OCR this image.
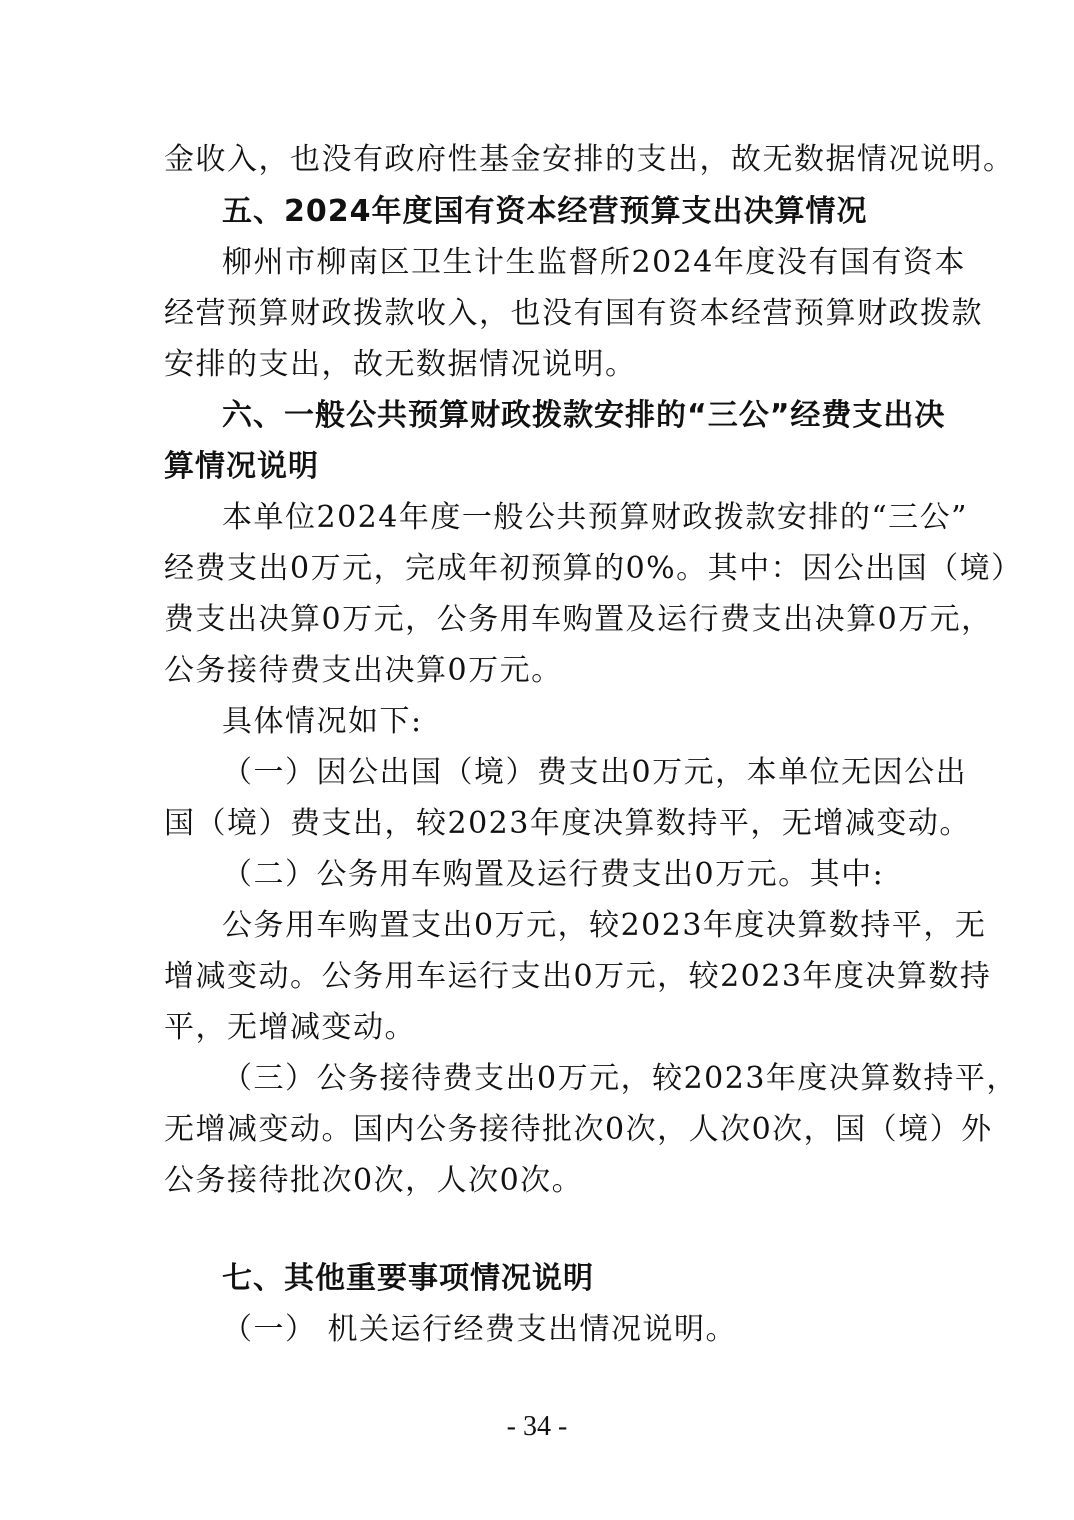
金收入，也没有政府性基金安排的支出，故无数据情况说明。
五、2024年度国有资本经营预算支出决算情况
柳州市柳南区卫生计生监督所2024年度没有国有资本
经营预算财政拨款收入，也没有国有资本经营预算财政拨款
安排的支出，故无数据情况说明。
六、一般公共预算财政拨款安排的“三公”经费支出决
算情况说明
本单位2024年度一般公共预算财政拨款安排的“三公”
经费支出0万元，完成年初预算的0%。其中：因公出国（境）
费支出决算0万元，公务用车购置及运行费支出决算0万元，
公务接待费支出决算0万元。
具体情况如下:
（一）因公出国（境）费支出0万元，本单位无因公出
国（境）费支出，较2023年度决算数持平，无增减变动。
（二）公务用车购置及运行费支出0万元。其中:
公务用车购置支出0万元，较2023年度决算数持平，无
增减变动。公务用车运行支出0万元，较2023年度决算数持
平，无增减变动。
（三）公务接待费支出0万元，较2023年度决算数持平，
无增减变动。国内公务接待批次0次，人次0次，国（境）外
公务接待批次0次，人次0次。
七、其他重要事项情况说明
（一） 机关运行经费支出情况说明。
- 34 -
